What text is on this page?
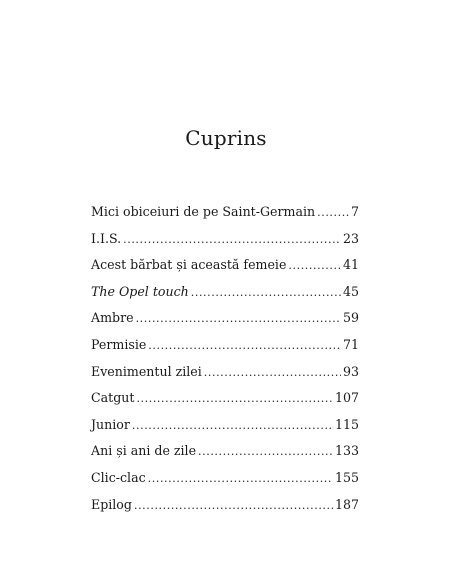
Cuprins
Mici obiceiuri de pe Saint-Germain .....	7
I.I.S. .....	23
Acest bărbat și această femeie .....	41
The Opel touch .....	45
Ambre .....	59
Permisie .....	71
Evenimentul zilei .....	93
Catgut .....	107
Junior .....	115
Ani și ani de zile .....	133
Clic-clac .....	155
Epilog .....	187
